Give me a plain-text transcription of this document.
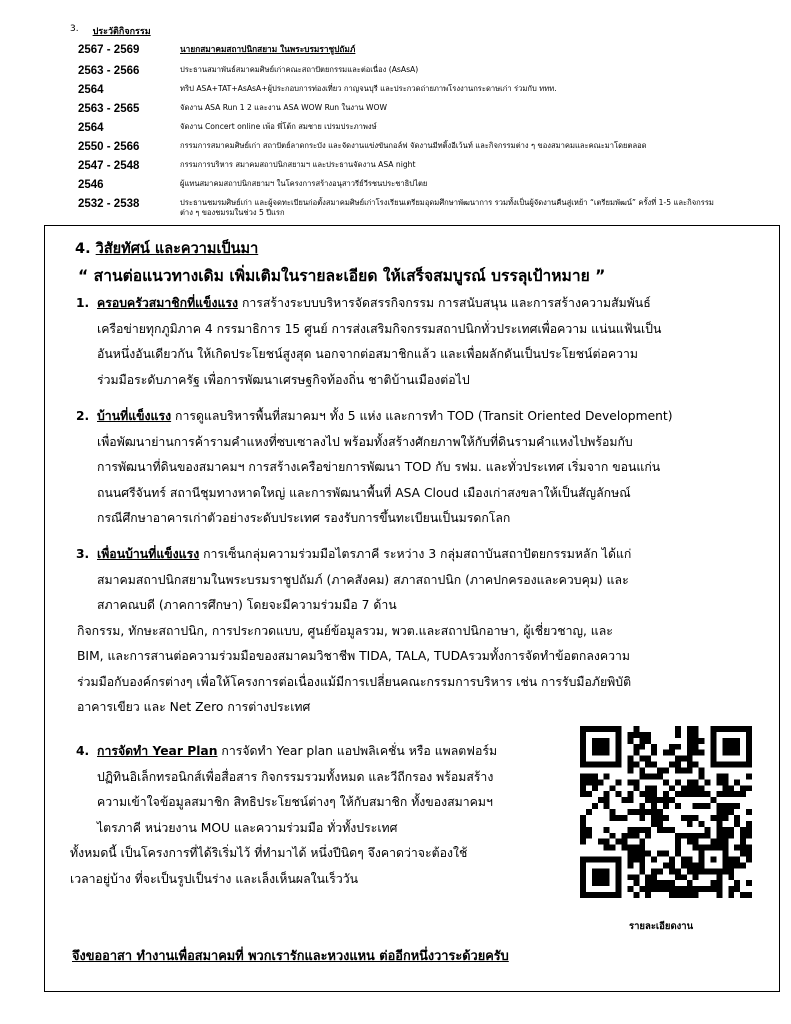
3. ประวัติกิจกรรม
2567 - 2569	นายกสมาคมสถาปนิกสยาม ในพระบรมราชูปถัมภ์
2563 - 2566	ประธานสมาพันธ์สมาคมศิษย์เก่าคณะสถาปัตยกรรมและต่อเนื่อง (AsAsA)
2564	ทริป ASA+TAT+AsAsA+ผู้ประกอบการท่องเที่ยว กาญจนบุรี และประกวดถ่ายภาพโรงงานกระดาษเก่า ร่วมกับ ททท.
2563 - 2565	จัดงาน ASA Run 1 2 และงาน ASA WOW Run ในงาน WOW
2564	จัดงาน Concert online เพ้อ พี่โต้ก สมชาย เปรมประภาพงษ์
2550 - 2566	กรรมการสมาคมศิษย์เก่า สถาปัตย์ลาดกระบัง และจัดงานแข่งขันกอล์ฟ จัดงานมีทติ้งอีเว้นท์ และกิจกรรมต่าง ๆ ของสมาคมและคณะมาโดยตลอด
2547 - 2548	กรรมการบริหาร สมาคมสถาปนิกสยามฯ และประธานจัดงาน ASA night
2546	ผู้แทนสมาคมสถาปนิกสยามฯ ในโครงการสร้างอนุสาวรีย์วีรชนประชาธิปไตย
2532 - 2538	ประธานชมรมศิษย์เก่า และผู้จดทะเบียนก่อตั้งสมาคมศิษย์เก่าโรงเรียนเตรียมอุดมศึกษาพัฒนาการ รวมทั้งเป็นผู้จัดงานคืนสู่เหย้า “เตรียมพัฒน์” ครั้งที่ 1-5 และกิจกรรมต่าง ๆ ของชมรมในช่วง 5 ปีแรก
4. วิสัยทัศน์ และความเป็นมา
“ สานต่อแนวทางเดิม เพิ่มเติมในรายละเอียด ให้เสร็จสมบูรณ์ บรรลุเป้าหมาย ”
1. ครอบครัวสมาชิกที่แข็งแรง การสร้างระบบบริหารจัดสรรกิจกรรม การสนับสนุน และการสร้างความสัมพันธ์

เครือข่ายทุกภูมิภาค 4 กรรมาธิการ 15 ศูนย์ การส่งเสริมกิจกรรมสถาปนิกทั่วประเทศเพื่อความ แน่นแฟ้นเป็น

อันหนึ่งอันเดียวกัน ให้เกิดประโยชน์สูงสุด นอกจากต่อสมาชิกแล้ว และเพื่อผลักดันเป็นประโยชน์ต่อความ

ร่วมมือระดับภาครัฐ เพื่อการพัฒนาเศรษฐกิจท้องถิ่น ชาติบ้านเมืองต่อไป

2. บ้านที่แข็งแรง การดูแลบริหารพื้นที่สมาคมฯ ทั้ง 5 แห่ง และการทำ TOD (Transit Oriented Development)

เพื่อพัฒนาย่านการค้ารามคำแหงที่ซบเซาลงไป พร้อมทั้งสร้างศักยภาพให้กับที่ดินรามคำแหงไปพร้อมกับ

การพัฒนาที่ดินของสมาคมฯ การสร้างเครือข่ายการพัฒนา TOD กับ รฟม. และทั่วประเทศ เริ่มจาก ขอนแก่น

ถนนศรีจันทร์ สถานีชุมทางหาดใหญ่ และการพัฒนาพื้นที่ ASA Cloud เมืองเก่าสงขลาให้เป็นสัญลักษณ์

กรณีศึกษาอาคารเก่าตัวอย่างระดับประเทศ รองรับการขึ้นทะเบียนเป็นมรดกโลก

3. เพื่อนบ้านที่แข็งแรง การเซ็นกลุ่มความร่วมมือไตรภาคี ระหว่าง 3 กลุ่มสถาบันสถาปัตยกรรมหลัก ได้แก่

สมาคมสถาปนิกสยามในพระบรมราชูปถัมภ์ (ภาคสังคม) สภาสถาปนิก (ภาคปกครองและควบคุม) และ

สภาคณบดี (ภาคการศึกษา) โดยจะมีความร่วมมือ 7 ด้าน

กิจกรรม, ทักษะสถาปนิก, การประกวดแบบ, ศูนย์ข้อมูลรวม, พวต.และสถาปนิกอาษา, ผู้เชี่ยวชาญ, และ

BIM, และการสานต่อความร่วมมือของสมาคมวิชาชีพ TIDA, TALA, TUDAรวมทั้งการจัดทำข้อตกลงความ

ร่วมมือกับองค์กรต่างๆ เพื่อให้โครงการต่อเนื่องแม้มีการเปลี่ยนคณะกรรมการบริหาร เช่น การรับมือภัยพิบัติ

อาคารเขียว และ Net Zero การต่างประเทศ

4. การจัดทำ Year Plan การจัดทำ Year plan แอปพลิเคชั่น หรือ แพลตฟอร์ม

ปฏิทินอิเล็กทรอนิกส์เพื่อสื่อสาร กิจกรรมรวมทั้งหมด และวีถีกรอง พร้อมสร้าง

ความเข้าใจข้อมูลสมาชิก สิทธิประโยชน์ต่างๆ ให้กับสมาชิก ทั้งของสมาคมฯ

ไตรภาคี หน่วยงาน MOU และความร่วมมือ ทั่วทั้งประเทศ

ทั้งหมดนี้ เป็นโครงการที่ได้ริเริ่มไว้ ที่ทำมาได้ หนึ่งปีนิดๆ จึงคาดว่าจะต้องใช้
เวลาอยู่บ้าง ที่จะเป็นรูปเป็นร่าง และเล็งเห็นผลในเร็ววัน
รายละเอียดงาน
จึงขออาสา ทำงานเพื่อสมาคมที่ พวกเรารักและหวงแหน ต่ออีกหนึ่งวาระด้วยครับ
